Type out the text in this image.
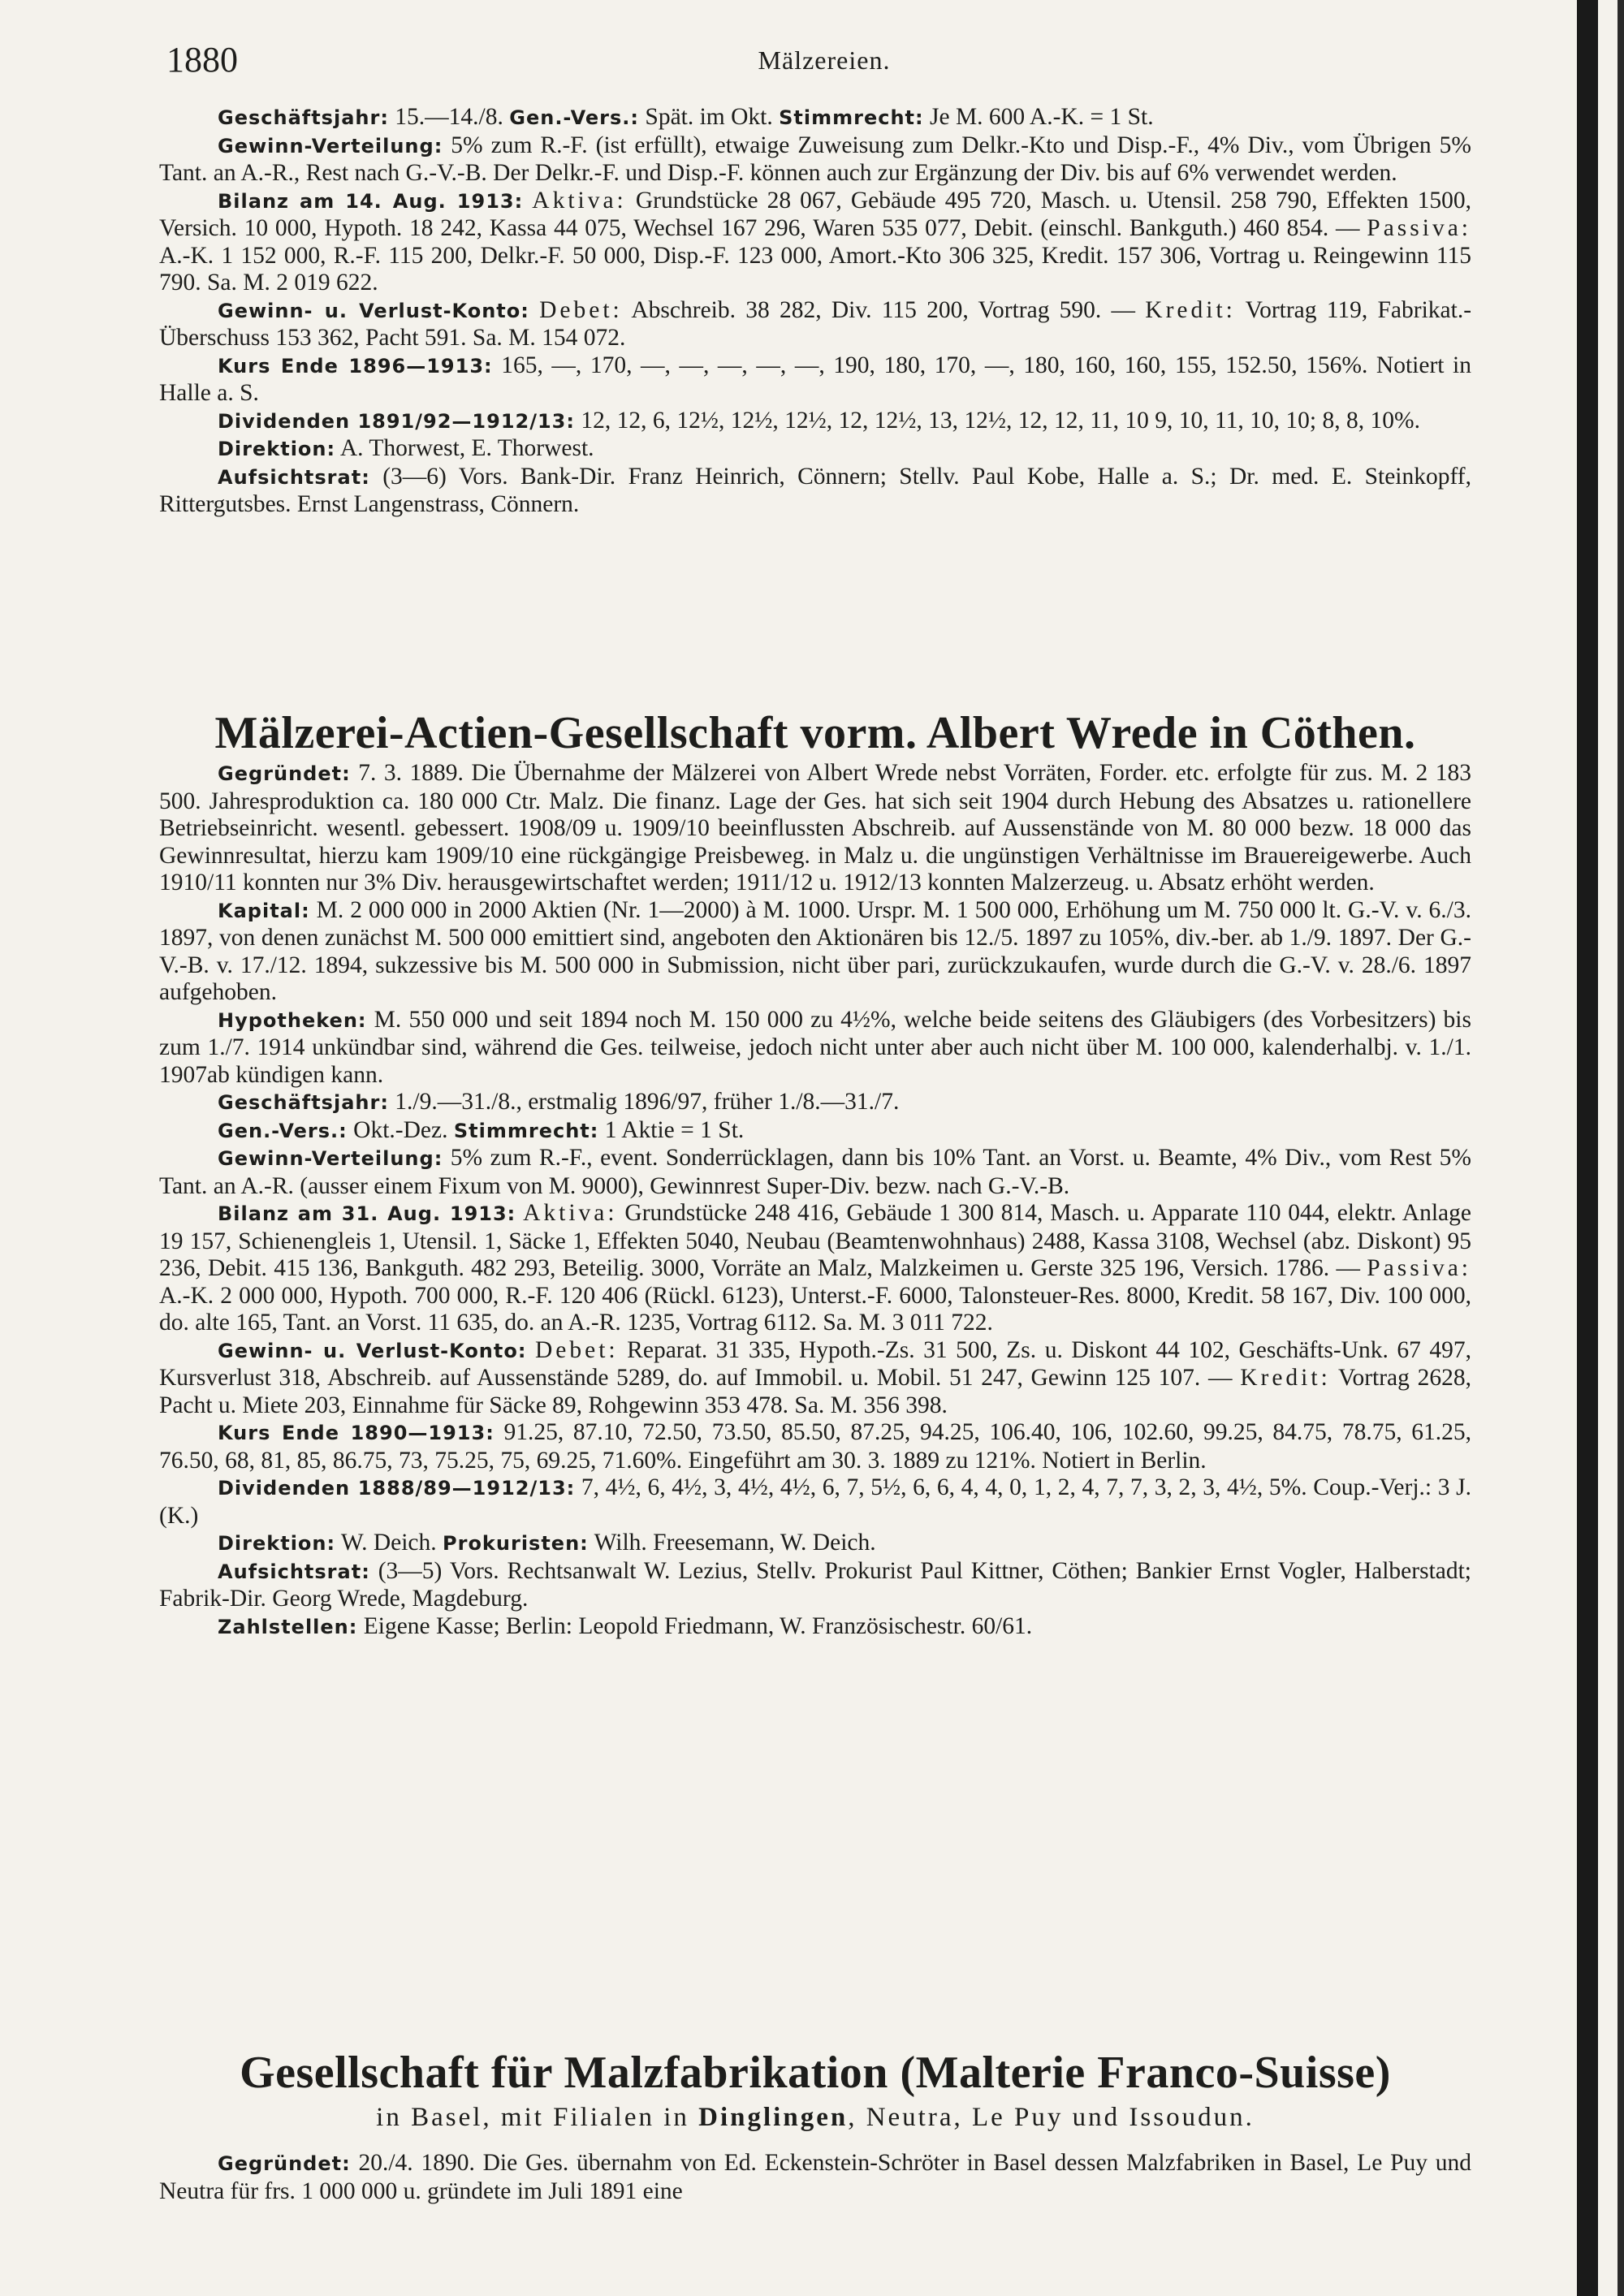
1880	Mälzereien.

Geschäftsjahr: 15.—14./8. Gen.-Vers.: Spät. im Okt. Stimmrecht: Je M. 600 A.-K. = 1 St.

Gewinn-Verteilung: 5% zum R.-F. (ist erfüllt), etwaige Zuweisung zum Delkr.-Kto und Disp.-F., 4% Div., vom Übrigen 5% Tant. an A.-R., Rest nach G.-V.-B. Der Delkr.-F. und Disp.-F. können auch zur Ergänzung der Div. bis auf 6% verwendet werden.

Bilanz am 14. Aug. 1913: Aktiva: Grundstücke 28 067, Gebäude 495 720, Masch. u. Utensil. 258 790, Effekten 1500, Versich. 10 000, Hypoth. 18 242, Kassa 44 075, Wechsel 167 296, Waren 535 077, Debit. (einschl. Bankguth.) 460 854. — Passiva: A.-K. 1 152 000, R.-F. 115 200, Delkr.-F. 50 000, Disp.-F. 123 000, Amort.-Kto 306 325, Kredit. 157 306, Vortrag u. Reingewinn 115 790. Sa. M. 2 019 622.

Gewinn- u. Verlust-Konto: Debet: Abschreib. 38 282, Div. 115 200, Vortrag 590. — Kredit: Vortrag 119, Fabrikat.-Überschuss 153 362, Pacht 591. Sa. M. 154 072.

Kurs Ende 1896—1913: 165, —, 170, —, —, —, —, —, 190, 180, 170, —, 180, 160, 160, 155, 152.50, 156%. Notiert in Halle a. S.

Dividenden 1891/92—1912/13: 12, 12, 6, 12½, 12½, 12½, 12, 12½, 13, 12½, 12, 12, 11, 10 9, 10, 11, 10, 10; 8, 8, 10%.

Direktion: A. Thorwest, E. Thorwest.

Aufsichtsrat: (3—6) Vors. Bank-Dir. Franz Heinrich, Cönnern; Stellv. Paul Kobe, Halle a. S.; Dr. med. E. Steinkopff, Rittergutsbes. Ernst Langenstrass, Cönnern.

Mälzerei-Actien-Gesellschaft vorm. Albert Wrede in Cöthen.

Gegründet: 7. 3. 1889. Die Übernahme der Mälzerei von Albert Wrede nebst Vorräten, Forder. etc. erfolgte für zus. M. 2 183 500. Jahresproduktion ca. 180 000 Ctr. Malz. Die finanz. Lage der Ges. hat sich seit 1904 durch Hebung des Absatzes u. rationellere Betriebseinricht. wesentl. gebessert. 1908/09 u. 1909/10 beeinflussten Abschreib. auf Aussenstände von M. 80 000 bezw. 18 000 das Gewinnresultat, hierzu kam 1909/10 eine rückgängige Preisbeweg. in Malz u. die ungünstigen Verhältnisse im Brauereigewerbe. Auch 1910/11 konnten nur 3% Div. herausgewirtschaftet werden; 1911/12 u. 1912/13 konnten Malzerzeug. u. Absatz erhöht werden.

Kapital: M. 2 000 000 in 2000 Aktien (Nr. 1—2000) à M. 1000. Urspr. M. 1 500 000, Erhöhung um M. 750 000 lt. G.-V. v. 6./3. 1897, von denen zunächst M. 500 000 emittiert sind, angeboten den Aktionären bis 12./5. 1897 zu 105%, div.-ber. ab 1./9. 1897. Der G.-V.-B. v. 17./12. 1894, sukzessive bis M. 500 000 in Submission, nicht über pari, zurückzukaufen, wurde durch die G.-V. v. 28./6. 1897 aufgehoben.

Hypotheken: M. 550 000 und seit 1894 noch M. 150 000 zu 4½%, welche beide seitens des Gläubigers (des Vorbesitzers) bis zum 1./7. 1914 unkündbar sind, während die Ges. teilweise, jedoch nicht unter aber auch nicht über M. 100 000, kalenderhalbj. v. 1./1. 1907ab kündigen kann.

Geschäftsjahr: 1./9.—31./8., erstmalig 1896/97, früher 1./8.—31./7.

Gen.-Vers.: Okt.-Dez. Stimmrecht: 1 Aktie = 1 St.

Gewinn-Verteilung: 5% zum R.-F., event. Sonderrücklagen, dann bis 10% Tant. an Vorst. u. Beamte, 4% Div., vom Rest 5% Tant. an A.-R. (ausser einem Fixum von M. 9000), Gewinnrest Super-Div. bezw. nach G.-V.-B.

Bilanz am 31. Aug. 1913: Aktiva: Grundstücke 248 416, Gebäude 1 300 814, Masch. u. Apparate 110 044, elektr. Anlage 19 157, Schienengleis 1, Utensil. 1, Säcke 1, Effekten 5040, Neubau (Beamtenwohnhaus) 2488, Kassa 3108, Wechsel (abz. Diskont) 95 236, Debit. 415 136, Bankguth. 482 293, Beteilig. 3000, Vorräte an Malz, Malzkeimen u. Gerste 325 196, Versich. 1786. — Passiva: A.-K. 2 000 000, Hypoth. 700 000, R.-F. 120 406 (Rückl. 6123), Unterst.-F. 6000, Talonsteuer-Res. 8000, Kredit. 58 167, Div. 100 000, do. alte 165, Tant. an Vorst. 11 635, do. an A.-R. 1235, Vortrag 6112. Sa. M. 3 011 722.

Gewinn- u. Verlust-Konto: Debet: Reparat. 31 335, Hypoth.-Zs. 31 500, Zs. u. Diskont 44 102, Geschäfts-Unk. 67 497, Kursverlust 318, Abschreib. auf Aussenstände 5289, do. auf Immobil. u. Mobil. 51 247, Gewinn 125 107. — Kredit: Vortrag 2628, Pacht u. Miete 203, Einnahme für Säcke 89, Rohgewinn 353 478. Sa. M. 356 398.

Kurs Ende 1890—1913: 91.25, 87.10, 72.50, 73.50, 85.50, 87.25, 94.25, 106.40, 106, 102.60, 99.25, 84.75, 78.75, 61.25, 76.50, 68, 81, 85, 86.75, 73, 75.25, 75, 69.25, 71.60%. Eingeführt am 30. 3. 1889 zu 121%. Notiert in Berlin.

Dividenden 1888/89—1912/13: 7, 4½, 6, 4½, 3, 4½, 4½, 6, 7, 5½, 6, 6, 4, 4, 0, 1, 2, 4, 7, 7, 3, 2, 3, 4½, 5%. Coup.-Verj.: 3 J. (K.)

Direktion: W. Deich. Prokuristen: Wilh. Freesemann, W. Deich.

Aufsichtsrat: (3—5) Vors. Rechtsanwalt W. Lezius, Stellv. Prokurist Paul Kittner, Cöthen; Bankier Ernst Vogler, Halberstadt; Fabrik-Dir. Georg Wrede, Magdeburg.

Zahlstellen: Eigene Kasse; Berlin: Leopold Friedmann, W. Französischestr. 60/61.

Gesellschaft für Malzfabrikation (Malterie Franco-Suisse)
in Basel, mit Filialen in Dinglingen, Neutra, Le Puy und Issoudun.

Gegründet: 20./4. 1890. Die Ges. übernahm von Ed. Eckenstein-Schröter in Basel dessen Malzfabriken in Basel, Le Puy und Neutra für frs. 1 000 000 u. gründete im Juli 1891 eine
